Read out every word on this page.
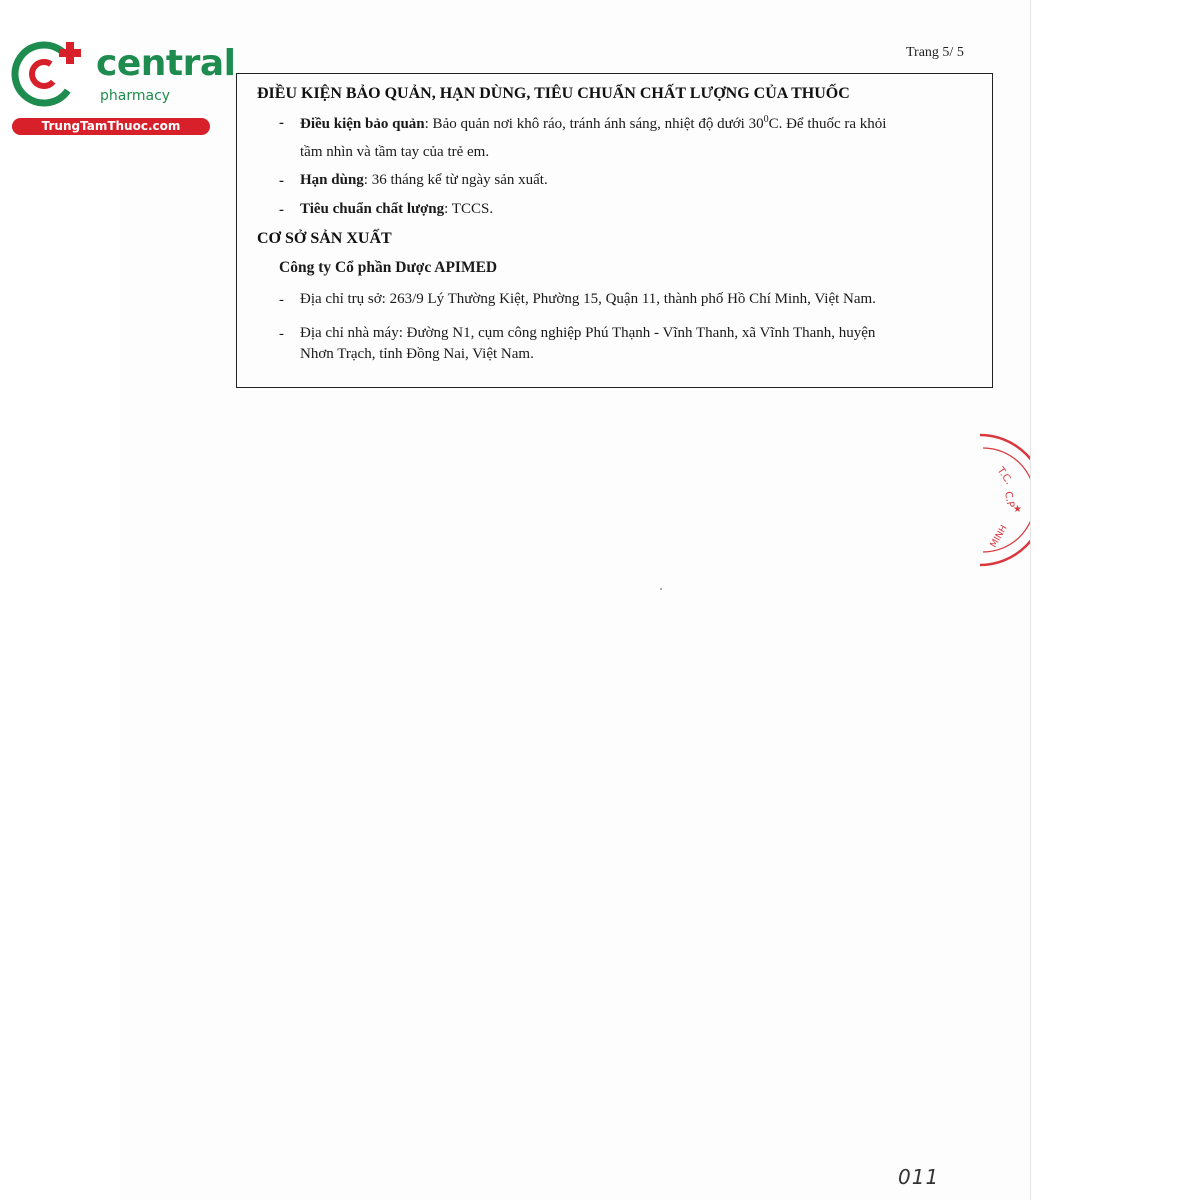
central
pharmacy
TrungTamThuoc.com
Trang 5/ 5
ĐIỀU KIỆN BẢO QUẢN, HẠN DÙNG, TIÊU CHUẨN CHẤT LƯỢNG CỦA THUỐC
- Điều kiện bảo quản: Bảo quản nơi khô ráo, tránh ánh sáng, nhiệt độ dưới $30^0C$. Để thuốc ra khỏi
tầm nhìn và tầm tay của trẻ em.
- Hạn dùng: 36 tháng kể từ ngày sản xuất.
- Tiêu chuẩn chất lượng: TCCS.
CƠ SỞ SẢN XUẤT
Công ty Cổ phần Dược APIMED
- Địa chỉ trụ sở: 263/9 Lý Thường Kiệt, Phường 15, Quận 11, thành phố Hồ Chí Minh, Việt Nam.
- Địa chỉ nhà máy: Đường N1, cụm công nghiệp Phú Thạnh - Vĩnh Thanh, xã Vĩnh Thanh, huyện
Nhơn Trạch, tỉnh Đồng Nai, Việt Nam.
T.C.
C.P
★
MINH
011
